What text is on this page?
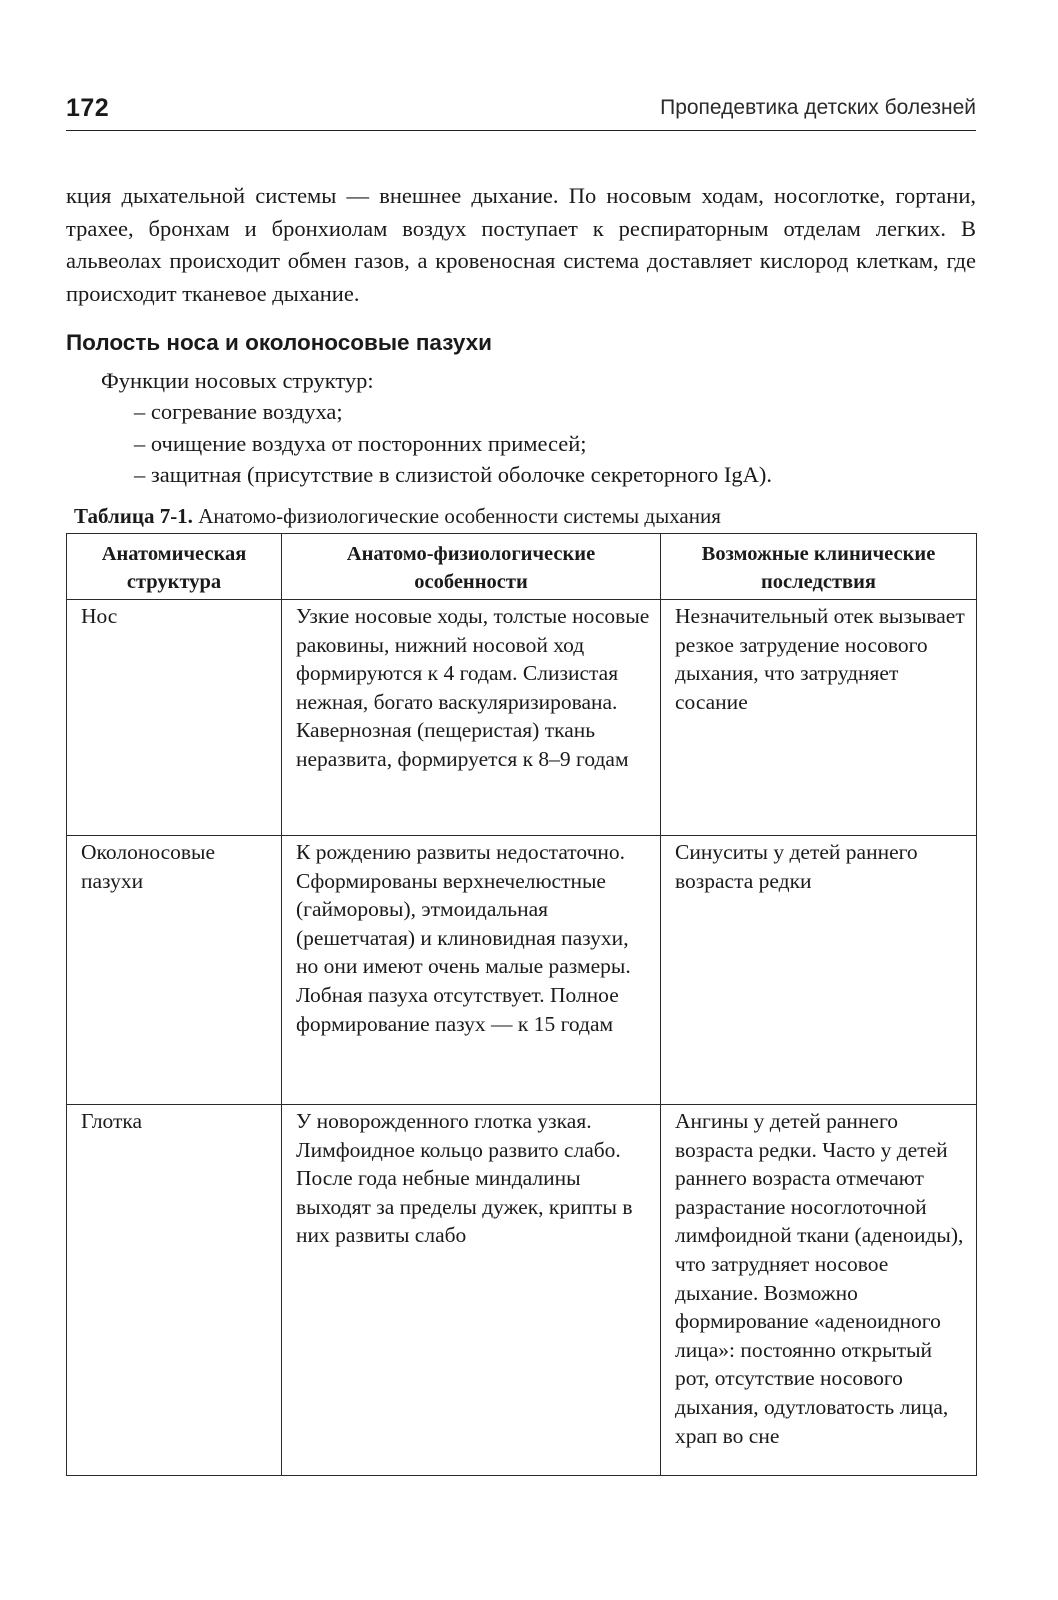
172	Пропедевтика детских болезней

кция дыхательной системы — внешнее дыхание. По носовым ходам, носоглотке, гортани, трахее, бронхам и бронхиолам воздух поступает к респираторным отделам легких. В альвеолах происходит обмен газов, а кровеносная система доставляет кислород клеткам, где происходит тканевое дыхание.

Полость носа и околоносовые пазухи

Функции носовых структур:

– согревание воздуха;
– очищение воздуха от посторонних примесей;
– защитная (присутствие в слизистой оболочке секреторного IgA).

Таблица 7-1. Анатомо-физиологические особенности системы дыхания

Анатомическая структура	Анатомо-физиологические особенности	Возможные клинические последствия
Нос	Узкие носовые ходы, толстые носовые раковины, нижний носовой ход формируются к 4 годам. Слизистая нежная, богато васкуляризирована. Кавернозная (пещеристая) ткань неразвита, формируется к 8–9 годам	Незначительный отек вызывает резкое затрудение носового дыхания, что затрудняет сосание
Околоносовые пазухи	К рождению развиты недостаточно. Сформированы верхнечелюстные (гайморовы), этмоидальная (решетчатая) и клиновидная пазухи, но они имеют очень малые размеры. Лобная пазуха отсутствует. Полное формирование пазух — к 15 годам	Синуситы у детей раннего возраста редки
Глотка	У новорожденного глотка узкая. Лимфоидное кольцо развито слабо. После года небные миндалины выходят за пределы дужек, крипты в них развиты слабо	Ангины у детей раннего возраста редки. Часто у детей раннего возраста отмечают разрастание носоглоточной лимфоидной ткани (аденоиды), что затрудняет носовое дыхание. Возможно формирование «аденоидного лица»: постоянно открытый рот, отсутствие носового дыхания, одутловатость лица, храп во сне
